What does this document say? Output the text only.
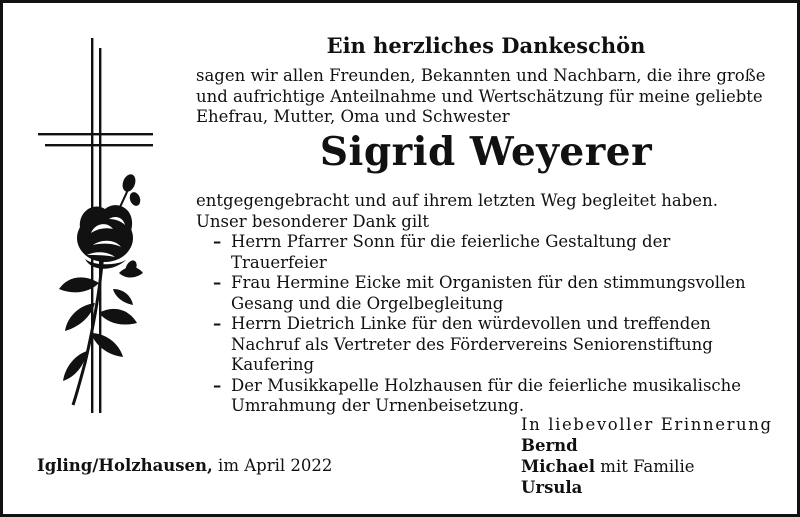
Ein herzliches Dankeschön
sagen wir allen Freunden, Bekannten und Nachbarn, die ihre große
und aufrichtige Anteilnahme und Wertschätzung für meine geliebte
Ehefrau, Mutter, Oma und Schwester
Sigrid Weyerer
entgegengebracht und auf ihrem letzten Weg begleitet haben.
Unser besonderer Dank gilt
– Herrn Pfarrer Sonn für die feierliche Gestaltung der
Trauerfeier
– Frau Hermine Eicke mit Organisten für den stimmungsvollen
Gesang und die Orgelbegleitung
– Herrn Dietrich Linke für den würdevollen und treffenden
Nachruf als Vertreter des Fördervereins Seniorenstiftung
Kaufering
– Der Musikkapelle Holzhausen für die feierliche musikalische
Umrahmung der Urnenbeisetzung.
In liebevoller Erinnerung
Bernd
Michael mit Familie
Ursula
Igling/Holzhausen, im April 2022
